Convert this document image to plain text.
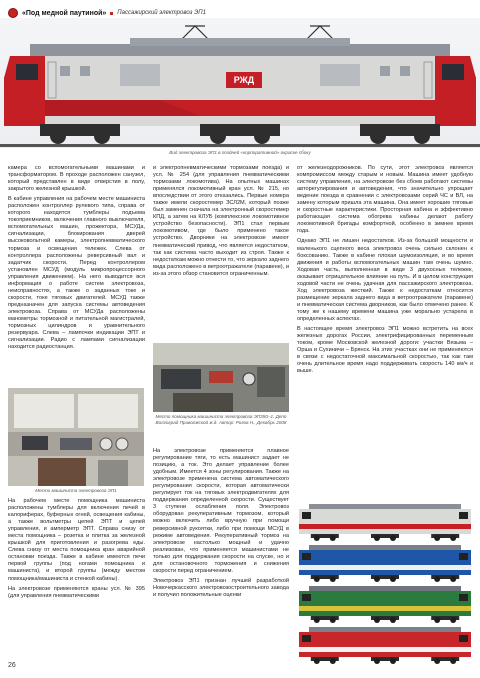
«Под медной паутиной» Пассажирский электровоз ЭП1
РЖД
Вид электровоза ЭП1 в поздней «корпоративной» окраске сбоку

камера со вспомогательными машинами и трансформатором. В проходе расположен санузел, который представлен в виде отверстия в полу, закрытого железной крышкой.

В кабине управления на рабочем месте машиниста расположен контроллер рулевого типа, справа от которого находятся тумблеры подъема токоприемников, включения главного выключателя, вспомогательных машин, прожектора, МСУДа, сигнализации, блокирования дверей высоковольтной камеры, электропневматического тормоза и освещения тележек. Слева от контроллера расположены реверсивный вал и задатчик скорости. Перед контроллером установлен МСУД (модуль микропроцессорного управления движением). На него выводится вся информация о работе систем электровоза, неисправностях, а также о заданных токе и скорости, токе тяговых двигателей. МСУД также предназначен для запуска системы автоведения электровоза. Справа от МСУДа расположены манометры тормозной и питательной магистралей, тормозных цилиндров и уравнительного резервуара. Слева – лампочки индикации ЭПТ и сигнализации. Радио с лампами сигнализации находится радиостанция.

Место машиниста электровоза ЭП1

На рабочем месте помощника машиниста расположены тумблеры для включения печей в калориферах, буферных огней, освещения кабины, а также вольтметры цепей ЭПТ и цепей управления, и амперметр ЭПТ. Справа снизу от места помощника – розетка и плитка за железной крышкой для приготовления и разогрева еды. Слева снизу от места помощника кран аварийной остановки поезда. Также в кабине имеются печи первой группы (под ногами помощника и машиниста), и второй группы (между местом помощника/машиниста и стенкой кабины).

На электровозе применяются краны усл. № 395 (для управления пневматическими

и электропневматическими тормозами поезда) и усл. № 254 (для управления пневматическими тормозами локомотива). На опытных машинах применялся локомотивный кран усл. № 215, но впоследствии от этого отказались. Первые номера также имели скоростемер ЗСЛ2М, который позже был заменен сначала на электронный скоростемер КПД, а затем на КЛУБ (комплексное локомотивное устройство безопасности). ЭП1 стал первым локомотивом, где было применено такое устройство. Дворники на электровозе имеют пневматический привод, что является недостатком, так как система часто выходит из строя. Также к недостаткам можно отнести то, что зеркало заднего вида расположено в ветроотражателе (паравене), и из-за этого обзор становится ограниченным.

Место помощника машиниста электровоза ЭП350–1. Депо Волгоград Приволжской ж.д. Автор: Рогов Н., Декабрь 2008

На электровозе применяется плавное регулирование тяги, то есть машинист задает не позицию, а ток. Это делает управление более удобным. Имеется 4 зоны регулирования. Также на электровозе применена система автоматического регулирования скорости, которая автоматически регулирует ток на тяговых электродвигателях для поддержания определенной скорости. Существует 3 ступени ослабления поля. Электровоз оборудован рекуперативным тормозом, который можно включить либо вручную при помощи реверсивной рукоятки, либо при помощи МСУД в режиме автоведения. Рекуперативный тормоз на электровозе настолько мощный и удачно реализован, что применяется машинистами не только для поддержания скорости на спуске, но и для остановочного торможения и снижения скорости перед ограничением.

Электровоз ЭП1 признан лучшей разработкой Новочеркасского электровозостроительного завода и получил положительные оценки

от железнодорожников. По сути, этот электровоз является компромиссом между старым и новым. Машина имеет удобную систему управления, на электровозе без сбоев работают системы авторегулирования и автоведения, что значительно упрощает ведение поезда в сравнении с электровозами серий ЧС и ВЛ, на замену которым пришла эта машина. Она имеет хорошие тяговые и скоростные характеристики. Просторная кабина и эффективно работающая система обогрева кабины делают работу локомотивной бригады комфортной, особенно в зимнее время года.

Однако ЭП1 не лишен недостатков. Из-за большой мощности и маленького сцепного веса электровоз очень сильно склонен к боксованию. Также в кабине плохая шумоизоляция, и во время движения и работы вспомогательных машин там очень шумно. Ходовая часть, выполненная в виде 3 двухосных тележек, оказывает отрицательное влияние на путь. И в целом конструкция ходовой части не очень удачная для пассажирского электровоза. Ход электровоза жесткий. Также к недостаткам относится размещение зеркала заднего вида в ветроотражателе (паравене) и пневматическая система дворников, как было отмечено ранее. К тому же к нашему времени машина уже морально устарела в определенных аспектах.

В настоящее время электровоз ЭП1 можно встретить на всех железных дорогах России, электрифицированных переменным током, кроме Московской железной дороги: участки Вязьма – Орша и Сухиничи – Брянск. На этих участках они не применяются в связи с недостаточной максимальной скоростью, так как там очень длительное время надо поддерживать скорость 140 км/ч и выше.

26
